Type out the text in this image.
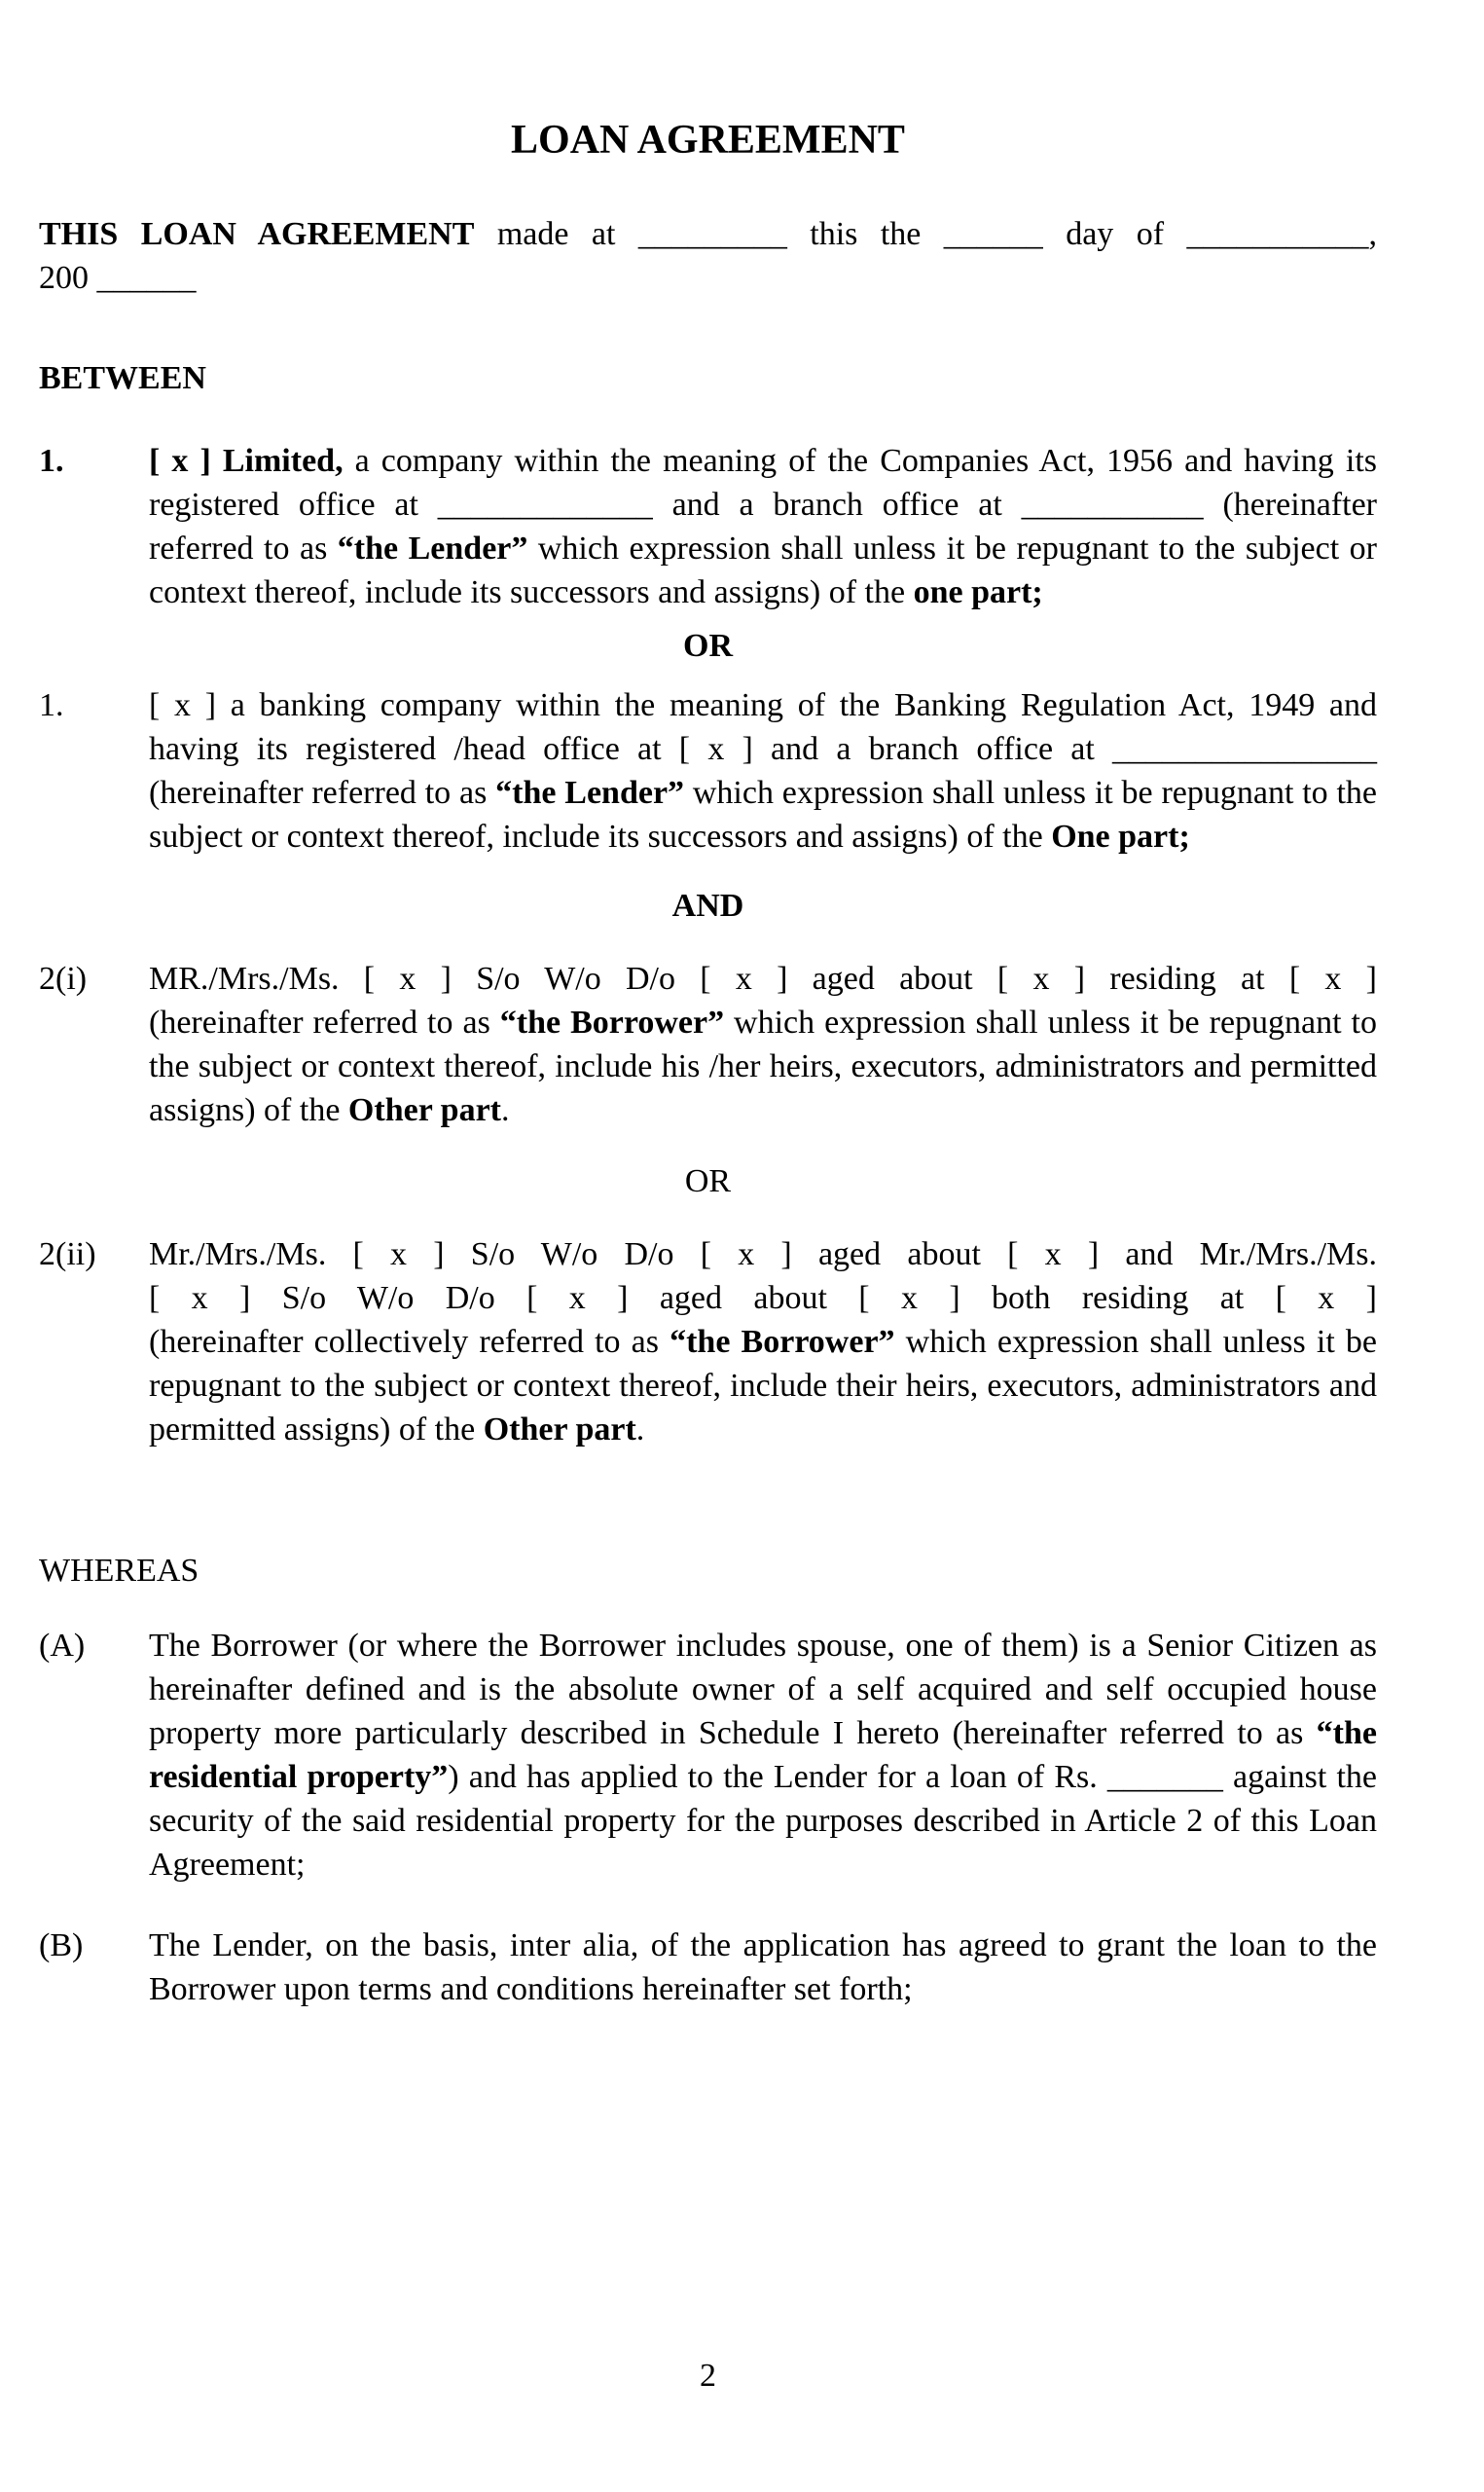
LOAN AGREEMENT
THIS LOAN AGREEMENT made at _________ this the ______ day of ___________,
200 ______
BETWEEN
1.	[ x ] Limited, a company within the meaning of the Companies Act, 1956 and having its registered office at _____________ and a branch office at ___________ (hereinafter referred to as “the Lender” which expression shall unless it be repugnant to the subject or context thereof, include its successors and assigns) of the one part;
OR
1.	[ x ] a banking company within the meaning of the Banking Regulation Act, 1949 and having its registered /head office at [ x ] and a branch office at ________________ (hereinafter referred to as “the Lender” which expression shall unless it be repugnant to the subject or context thereof, include its successors and assigns) of the One part;
AND
2(i) MR./Mrs./Ms. [ x ] S/o W/o D/o [ x ] aged about [ x ] residing at [ x ]
(hereinafter referred to as “the Borrower” which expression shall unless it be repugnant to the subject or context thereof, include his /her heirs, executors, administrators and permitted assigns) of the Other part.
OR
2(ii) Mr./Mrs./Ms. [ x ] S/o W/o D/o [ x ] aged about [ x ] and Mr./Mrs./Ms.
[ x ] S/o W/o D/o [ x ] aged about [ x ] both residing at [ x ]
(hereinafter collectively referred to as “the Borrower” which expression shall unless it be repugnant to the subject or context thereof, include their heirs, executors, administrators and permitted assigns) of the Other part.
WHEREAS
(A) The Borrower (or where the Borrower includes spouse, one of them) is a Senior Citizen as hereinafter defined and is the absolute owner of a self acquired and self occupied house property more particularly described in Schedule I hereto (hereinafter referred to as “the residential property”) and has applied to the Lender for a loan of Rs. _______ against the security of the said residential property for the purposes described in Article 2 of this Loan Agreement;
(B) The Lender, on the basis, inter alia, of the application has agreed to grant the loan to the Borrower upon terms and conditions hereinafter set forth;
2
